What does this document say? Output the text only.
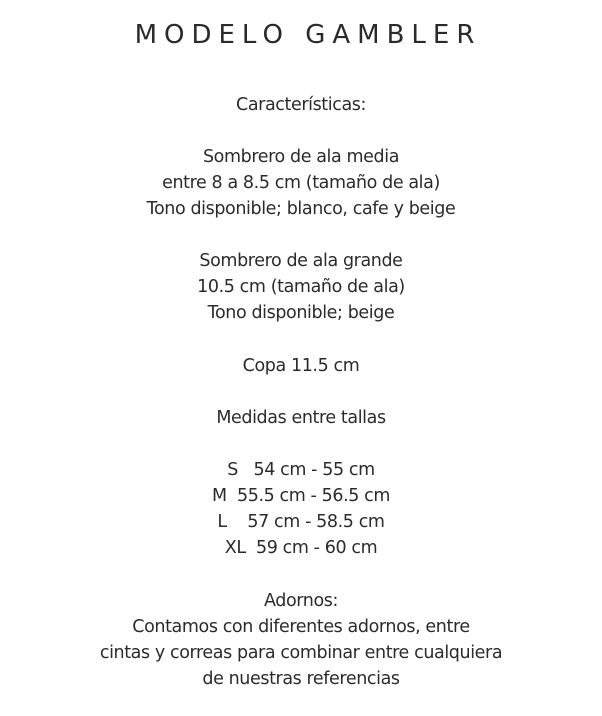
MODELO GAMBLER
Características:
Sombrero de ala media
entre 8 a 8.5 cm (tamaño de ala)
Tono disponible; blanco, cafe y beige
Sombrero de ala grande
10.5 cm (tamaño de ala)
Tono disponible; beige
Copa 11.5 cm
Medidas entre tallas
S   54 cm - 55 cm
M  55.5 cm - 56.5 cm
L    57 cm - 58.5 cm
XL  59 cm - 60 cm
Adornos:
Contamos con diferentes adornos, entre
cintas y correas para combinar entre cualquiera
de nuestras referencias
